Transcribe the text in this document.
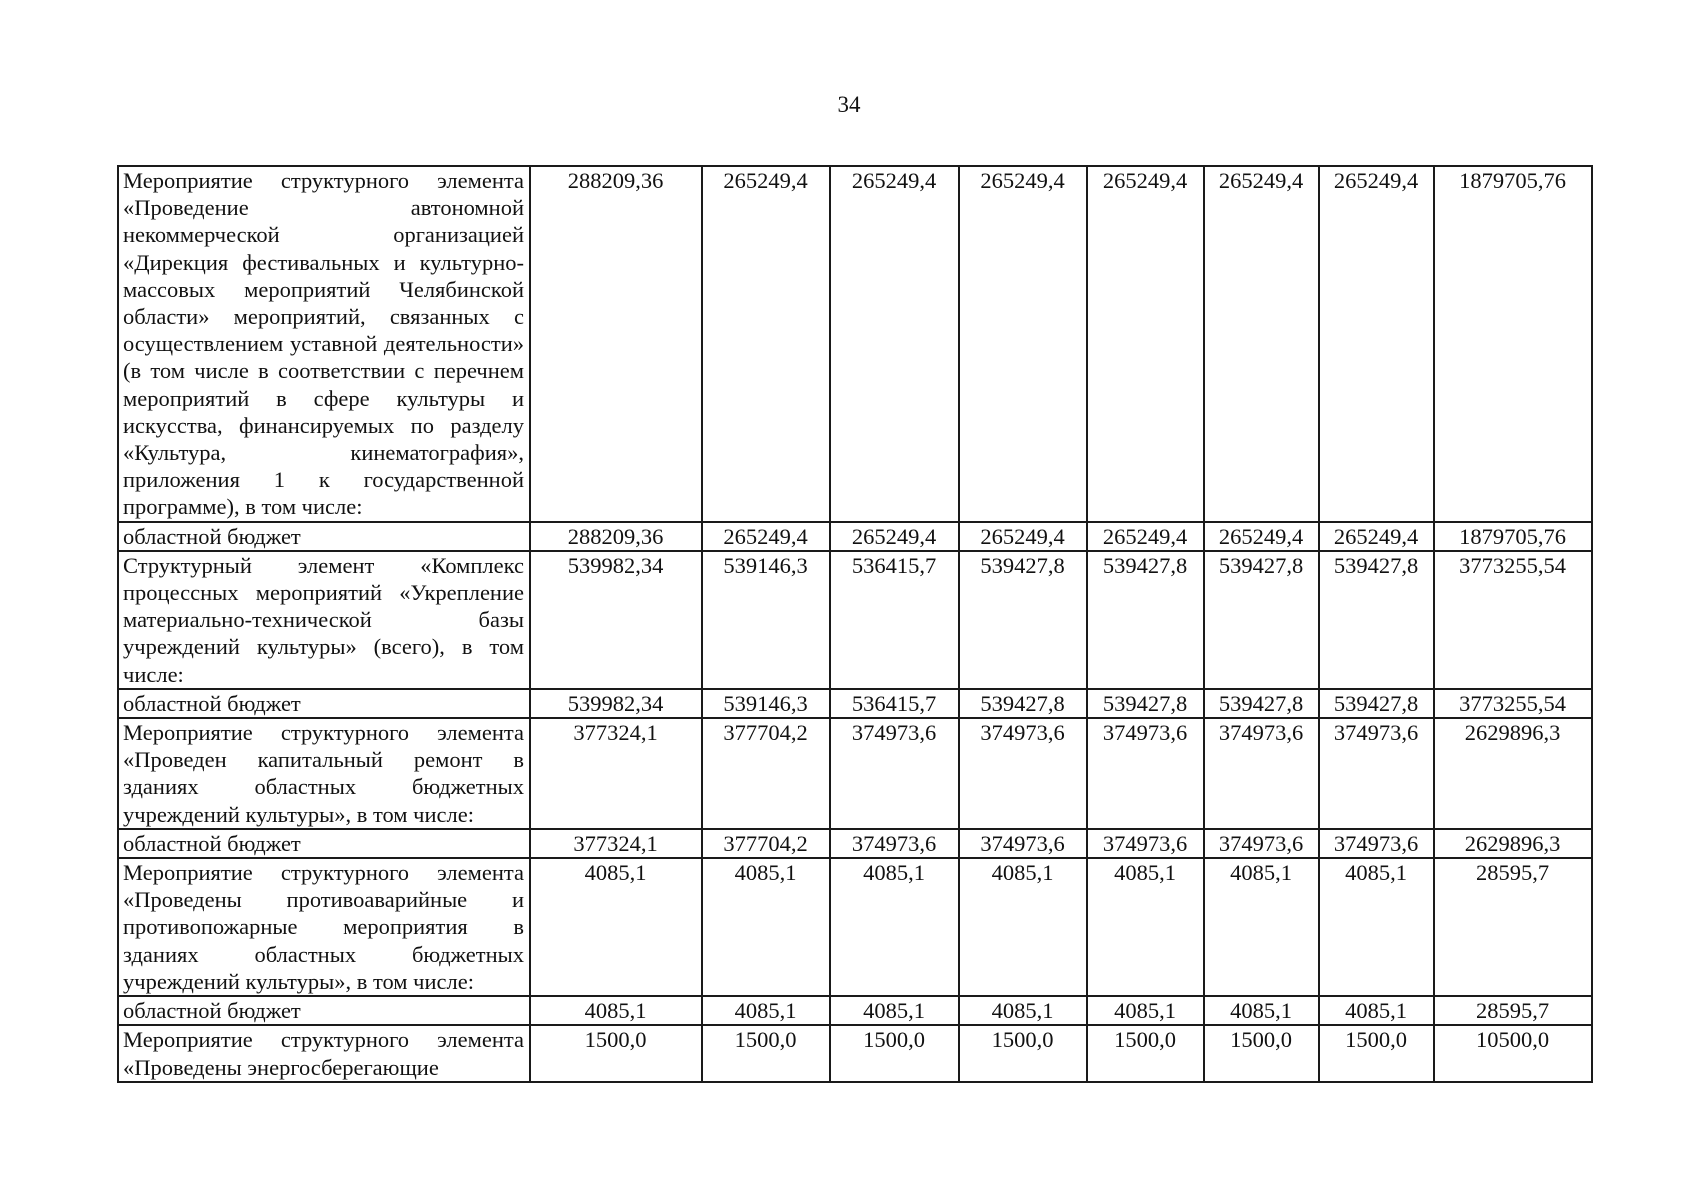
34
Мероприятие структурного элемента «Проведение автономной некоммерческой организацией «Дирекция фестивальных и культурно-массовых мероприятий Челябинской области» мероприятий, связанных с осуществлением уставной деятельности» (в том числе в соответствии с перечнем мероприятий в сфере культуры и искусства, финансируемых по разделу «Культура, кинематография», приложения 1 к государственной программе), в том числе:	288209,36	265249,4	265249,4	265249,4	265249,4	265249,4	265249,4	1879705,76
областной бюджет	288209,36	265249,4	265249,4	265249,4	265249,4	265249,4	265249,4	1879705,76
Структурный элемент «Комплекс процессных мероприятий «Укрепление материально-технической базы учреждений культуры» (всего), в том числе:	539982,34	539146,3	536415,7	539427,8	539427,8	539427,8	539427,8	3773255,54
областной бюджет	539982,34	539146,3	536415,7	539427,8	539427,8	539427,8	539427,8	3773255,54
Мероприятие структурного элемента «Проведен капитальный ремонт в зданиях областных бюджетных учреждений культуры», в том числе:	377324,1	377704,2	374973,6	374973,6	374973,6	374973,6	374973,6	2629896,3
областной бюджет	377324,1	377704,2	374973,6	374973,6	374973,6	374973,6	374973,6	2629896,3
Мероприятие структурного элемента «Проведены противоаварийные и противопожарные мероприятия в зданиях областных бюджетных учреждений культуры», в том числе:	4085,1	4085,1	4085,1	4085,1	4085,1	4085,1	4085,1	28595,7
областной бюджет	4085,1	4085,1	4085,1	4085,1	4085,1	4085,1	4085,1	28595,7
Мероприятие структурного элемента «Проведены энергосберегающие	1500,0	1500,0	1500,0	1500,0	1500,0	1500,0	1500,0	10500,0
